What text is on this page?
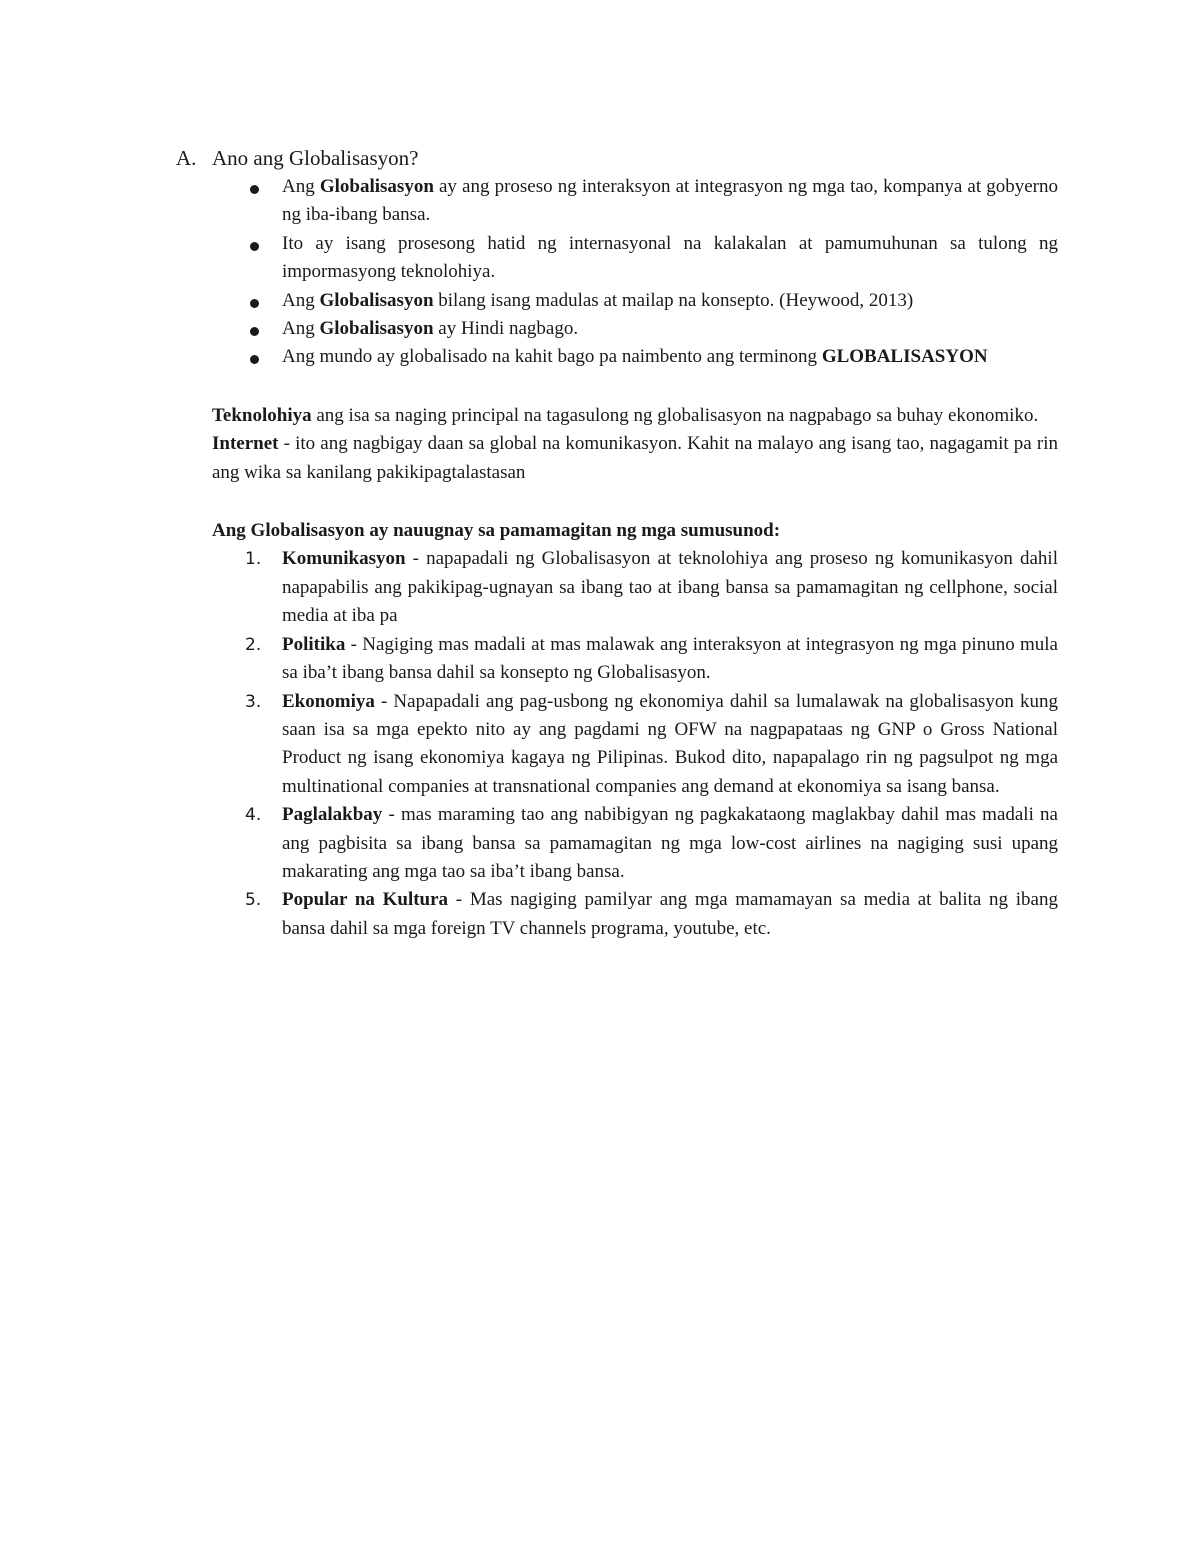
A. Ano ang Globalisasyon?
Ang Globalisasyon ay ang proseso ng interaksyon at integrasyon ng mga tao, kompanya at gobyerno ng iba-ibang bansa.
Ito ay isang prosesong hatid ng internasyonal na kalakalan at pamumuhunan sa tulong ng impormasyong teknolohiya.
Ang Globalisasyon bilang isang madulas at mailap na konsepto. (Heywood, 2013)
Ang Globalisasyon ay Hindi nagbago.
Ang mundo ay globalisado na kahit bago pa naimbento ang terminong GLOBALISASYON

Teknolohiya ang isa sa naging principal na tagasulong ng globalisasyon na nagpabago sa buhay ekonomiko.

Internet - ito ang nagbigay daan sa global na komunikasyon. Kahit na malayo ang isang tao, nagagamit pa rin ang wika sa kanilang pakikipagtalastasan

Ang Globalisasyon ay nauugnay sa pamamagitan ng mga sumusunod:

1. Komunikasyon - napapadali ng Globalisasyon at teknolohiya ang proseso ng komunikasyon dahil napapabilis ang pakikipag-ugnayan sa ibang tao at ibang bansa sa pamamagitan ng cellphone, social media at iba pa
2. Politika - Nagiging mas madali at mas malawak ang interaksyon at integrasyon ng mga pinuno mula sa iba’t ibang bansa dahil sa konsepto ng Globalisasyon.
3. Ekonomiya - Napapadali ang pag-usbong ng ekonomiya dahil sa lumalawak na globalisasyon kung saan isa sa mga epekto nito ay ang pagdami ng OFW na nagpapataas ng GNP o Gross National Product ng isang ekonomiya kagaya ng Pilipinas. Bukod dito, napapalago rin ng pagsulpot ng mga multinational companies at transnational companies ang demand at ekonomiya sa isang bansa.
4. Paglalakbay - mas maraming tao ang nabibigyan ng pagkakataong maglakbay dahil mas madali na ang pagbisita sa ibang bansa sa pamamagitan ng mga low-cost airlines na nagiging susi upang makarating ang mga tao sa iba’t ibang bansa.
5. Popular na Kultura - Mas nagiging pamilyar ang mga mamamayan sa media at balita ng ibang bansa dahil sa mga foreign TV channels programa, youtube, etc.
